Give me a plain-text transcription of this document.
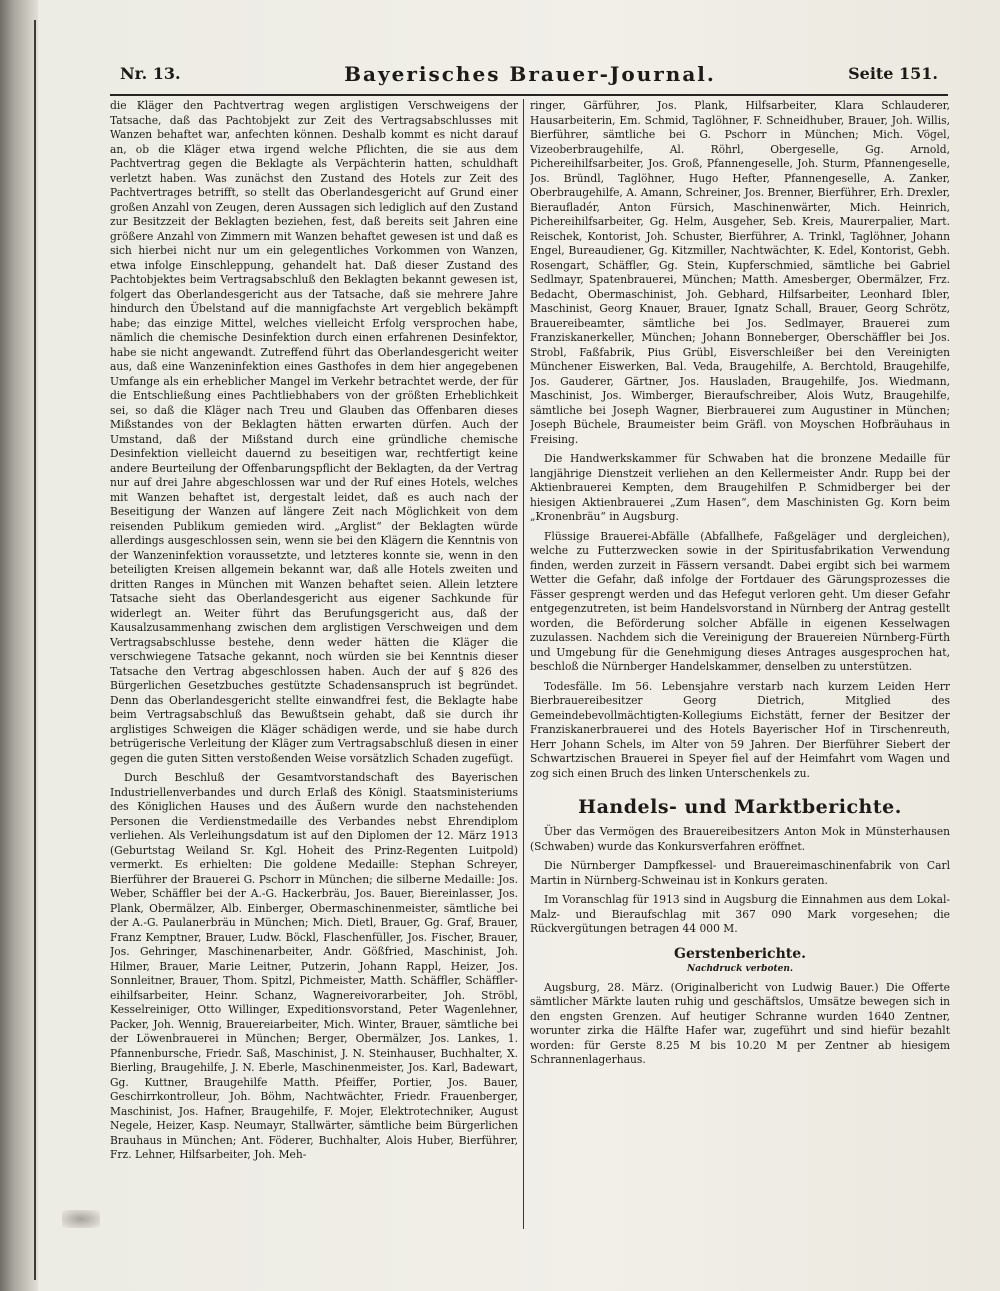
Nr. 13.	Bayerisches Brauer-Journal.	Seite 151.

die Kläger den Pachtvertrag wegen arglistigen Verschweigens der Tatsache, daß das Pachtobjekt zur Zeit des Vertragsabschlusses mit Wanzen behaftet war, anfechten können. Deshalb kommt es nicht darauf an, ob die Kläger etwa irgend welche Pflichten, die sie aus dem Pachtvertrag gegen die Beklagte als Verpächterin hatten, schuldhaft verletzt haben. Was zunächst den Zustand des Hotels zur Zeit des Pachtvertrages betrifft, so stellt das Oberlandesgericht auf Grund einer großen Anzahl von Zeugen, deren Aussagen sich lediglich auf den Zustand zur Besitzzeit der Beklagten beziehen, fest, daß bereits seit Jahren eine größere Anzahl von Zimmern mit Wanzen behaftet gewesen ist und daß es sich hierbei nicht nur um ein gelegentliches Vorkommen von Wanzen, etwa infolge Einschleppung, gehandelt hat. Daß dieser Zustand des Pachtobjektes beim Vertragsabschluß den Beklagten bekannt gewesen ist, folgert das Oberlandesgericht aus der Tatsache, daß sie mehrere Jahre hindurch den Übelstand auf die mannigfachste Art vergeblich bekämpft habe; das einzige Mittel, welches vielleicht Erfolg versprochen habe, nämlich die chemische Desinfektion durch einen erfahrenen Desinfektor, habe sie nicht angewandt. Zutreffend führt das Oberlandesgericht weiter aus, daß eine Wanzeninfektion eines Gasthofes in dem hier angegebenen Umfange als ein erheblicher Mangel im Verkehr betrachtet werde, der für die Entschließung eines Pachtliebhabers von der größten Erheblichkeit sei, so daß die Kläger nach Treu und Glauben das Offenbaren dieses Mißstandes von der Beklagten hätten erwarten dürfen. Auch der Umstand, daß der Mißstand durch eine gründliche chemische Desinfektion vielleicht dauernd zu beseitigen war, rechtfertigt keine andere Beurteilung der Offenbarungspflicht der Beklagten, da der Vertrag nur auf drei Jahre abgeschlossen war und der Ruf eines Hotels, welches mit Wanzen behaftet ist, dergestalt leidet, daß es auch nach der Beseitigung der Wanzen auf längere Zeit nach Möglichkeit von dem reisenden Publikum gemieden wird. „Arglist“ der Beklagten würde allerdings ausgeschlossen sein, wenn sie bei den Klägern die Kenntnis von der Wanzeninfektion voraussetzte, und letzteres konnte sie, wenn in den beteiligten Kreisen allgemein bekannt war, daß alle Hotels zweiten und dritten Ranges in München mit Wanzen behaftet seien. Allein letztere Tatsache sieht das Oberlandesgericht aus eigener Sachkunde für widerlegt an. Weiter führt das Berufungsgericht aus, daß der Kausalzusammenhang zwischen dem arglistigen Verschweigen und dem Vertragsabschlusse bestehe, denn weder hätten die Kläger die verschwiegene Tatsache gekannt, noch würden sie bei Kenntnis dieser Tatsache den Vertrag abgeschlossen haben. Auch der auf § 826 des Bürgerlichen Gesetzbuches gestützte Schadensanspruch ist begründet. Denn das Oberlandesgericht stellte einwandfrei fest, die Beklagte habe beim Vertragsabschluß das Bewußtsein gehabt, daß sie durch ihr arglistiges Schweigen die Kläger schädigen werde, und sie habe durch betrügerische Verleitung der Kläger zum Vertragsabschluß diesen in einer gegen die guten Sitten verstoßenden Weise vorsätzlich Schaden zugefügt.

Durch Beschluß der Gesamtvorstandschaft des Bayerischen Industriellenverbandes und durch Erlaß des Königl. Staatsministeriums des Königlichen Hauses und des Äußern wurde den nachstehenden Personen die Verdienstmedaille des Verbandes nebst Ehrendiplom verliehen. Als Verleihungsdatum ist auf den Diplomen der 12. März 1913 (Geburtstag Weiland Sr. Kgl. Hoheit des Prinz-Regenten Luitpold) vermerkt. Es erhielten: Die goldene Medaille: Stephan Schreyer, Bierführer der Brauerei G. Pschorr in München; die silberne Medaille: Jos. Weber, Schäffler bei der A.-G. Hackerbräu, Jos. Bauer, Biereinlasser, Jos. Plank, Obermälzer, Alb. Einberger, Obermaschinenmeister, sämtliche bei der A.-G. Paulanerbräu in München; Mich. Dietl, Brauer, Gg. Graf, Brauer, Franz Kemptner, Brauer, Ludw. Böckl, Flaschenfüller, Jos. Fischer, Brauer, Jos. Gehringer, Maschinenarbeiter, Andr. Gößfried, Maschinist, Joh. Hilmer, Brauer, Marie Leitner, Putzerin, Johann Rappl, Heizer, Jos. Sonnleitner, Brauer, Thom. Spitzl, Pichmeister, Matth. Schäffler, Schäfflereihilfsarbeiter, Heinr. Schanz, Wagnereivorarbeiter, Joh. Ströbl, Kesselreiniger, Otto Willinger, Expeditionsvorstand, Peter Wagenlehner, Packer, Joh. Wennig, Brauereiarbeiter, Mich. Winter, Brauer, sämtliche bei der Löwenbrauerei in München; Berger, Obermälzer, Jos. Lankes, 1. Pfannenbursche, Friedr. Saß, Maschinist, J. N. Steinhauser, Buchhalter, X. Bierling, Braugehilfe, J. N. Eberle, Maschinenmeister, Jos. Karl, Badewart, Gg. Kuttner, Braugehilfe Matth. Pfeiffer, Portier, Jos. Bauer, Geschirrkontrolleur, Joh. Böhm, Nachtwächter, Friedr. Frauenberger, Maschinist, Jos. Hafner, Braugehilfe, F. Mojer, Elektrotechniker, August Negele, Heizer, Kasp. Neumayr, Stallwärter, sämtliche beim Bürgerlichen Brauhaus in München; Ant. Föderer, Buchhalter, Alois Huber, Bierführer, Frz. Lehner, Hilfsarbeiter, Joh. Meh-

ringer, Gärführer, Jos. Plank, Hilfsarbeiter, Klara Schlauderer, Hausarbeiterin, Em. Schmid, Taglöhner, F. Schneidhuber, Brauer, Joh. Willis, Bierführer, sämtliche bei G. Pschorr in München; Mich. Vögel, Vizeoberbraugehilfe, Al. Röhrl, Obergeselle, Gg. Arnold, Pichereihilfsarbeiter, Jos. Groß, Pfannengeselle, Joh. Sturm, Pfannengeselle, Jos. Bründl, Taglöhner, Hugo Hefter, Pfannengeselle, A. Zanker, Oberbraugehilfe, A. Amann, Schreiner, Jos. Brenner, Bierführer, Erh. Drexler, Bieraufladér, Anton Fürsich, Maschinenwärter, Mich. Heinrich, Pichereihilfsarbeiter, Gg. Helm, Ausgeher, Seb. Kreis, Maurerpalier, Mart. Reischek, Kontorist, Joh. Schuster, Bierführer, A. Trinkl, Taglöhner, Johann Engel, Bureaudiener, Gg. Kitzmiller, Nachtwächter, K. Edel, Kontorist, Gebh. Rosengart, Schäffler, Gg. Stein, Kupferschmied, sämtliche bei Gabriel Sedlmayr, Spatenbrauerei, München; Matth. Amesberger, Obermälzer, Frz. Bedacht, Obermaschinist, Joh. Gebhard, Hilfsarbeiter, Leonhard Ibler, Maschinist, Georg Knauer, Brauer, Ignatz Schall, Brauer, Georg Schrötz, Brauereibeamter, sämtliche bei Jos. Sedlmayer, Brauerei zum Franziskanerkeller, München; Johann Bonneberger, Oberschäffler bei Jos. Strobl, Faßfabrik, Pius Grübl, Eisverschleißer bei den Vereinigten Münchener Eiswerken, Bal. Veda, Braugehilfe, A. Berchtold, Braugehilfe, Jos. Gauderer, Gärtner, Jos. Hausladen, Braugehilfe, Jos. Wiedmann, Maschinist, Jos. Wimberger, Bieraufschreiber, Alois Wutz, Braugehilfe, sämtliche bei Joseph Wagner, Bierbrauerei zum Augustiner in München; Joseph Büchele, Braumeister beim Gräfl. von Moyschen Hofbräuhaus in Freising.

Die Handwerkskammer für Schwaben hat die bronzene Medaille für langjährige Dienstzeit verliehen an den Kellermeister Andr. Rupp bei der Aktienbrauerei Kempten, dem Braugehilfen P. Schmidberger bei der hiesigen Aktienbrauerei „Zum Hasen“, dem Maschinisten Gg. Korn beim „Kronenbräu“ in Augsburg.

Flüssige Brauerei-Abfälle (Abfallhefe, Faßgeläger und dergleichen), welche zu Futterzwecken sowie in der Spiritusfabrikation Verwendung finden, werden zurzeit in Fässern versandt. Dabei ergibt sich bei warmem Wetter die Gefahr, daß infolge der Fortdauer des Gärungsprozesses die Fässer gesprengt werden und das Hefegut verloren geht. Um dieser Gefahr entgegenzutreten, ist beim Handelsvorstand in Nürnberg der Antrag gestellt worden, die Beförderung solcher Abfälle in eigenen Kesselwagen zuzulassen. Nachdem sich die Vereinigung der Brauereien Nürnberg-Fürth und Umgebung für die Genehmigung dieses Antrages ausgesprochen hat, beschloß die Nürnberger Handelskammer, denselben zu unterstützen.

Todesfälle. Im 56. Lebensjahre verstarb nach kurzem Leiden Herr Bierbrauereibesitzer Georg Dietrich, Mitglied des Gemeindebevollmächtigten-Kollegiums Eichstätt, ferner der Besitzer der Franziskanerbrauerei und des Hotels Bayerischer Hof in Tirschenreuth, Herr Johann Schels, im Alter von 59 Jahren. Der Bierführer Siebert der Schwartzischen Brauerei in Speyer fiel auf der Heimfahrt vom Wagen und zog sich einen Bruch des linken Unterschenkels zu.

Handels- und Marktberichte.

Über das Vermögen des Brauereibesitzers Anton Mok in Münsterhausen (Schwaben) wurde das Konkursverfahren eröffnet.

Die Nürnberger Dampfkessel- und Brauereimaschinenfabrik von Carl Martin in Nürnberg-Schweinau ist in Konkurs geraten.

Im Voranschlag für 1913 sind in Augsburg die Einnahmen aus dem Lokal-Malz- und Bieraufschlag mit 367 090 Mark vorgesehen; die Rückvergütungen betragen 44 000 M.

Gerstenberichte.
Nachdruck verboten.

Augsburg, 28. März. (Originalbericht von Ludwig Bauer.) Die Offerte sämtlicher Märkte lauten ruhig und geschäftslos, Umsätze bewegen sich in den engsten Grenzen. Auf heutiger Schranne wurden 1640 Zentner, worunter zirka die Hälfte Hafer war, zugeführt und sind hiefür bezahlt worden: für Gerste 8.25 M bis 10.20 M per Zentner ab hiesigem Schrannenlagerhaus.
